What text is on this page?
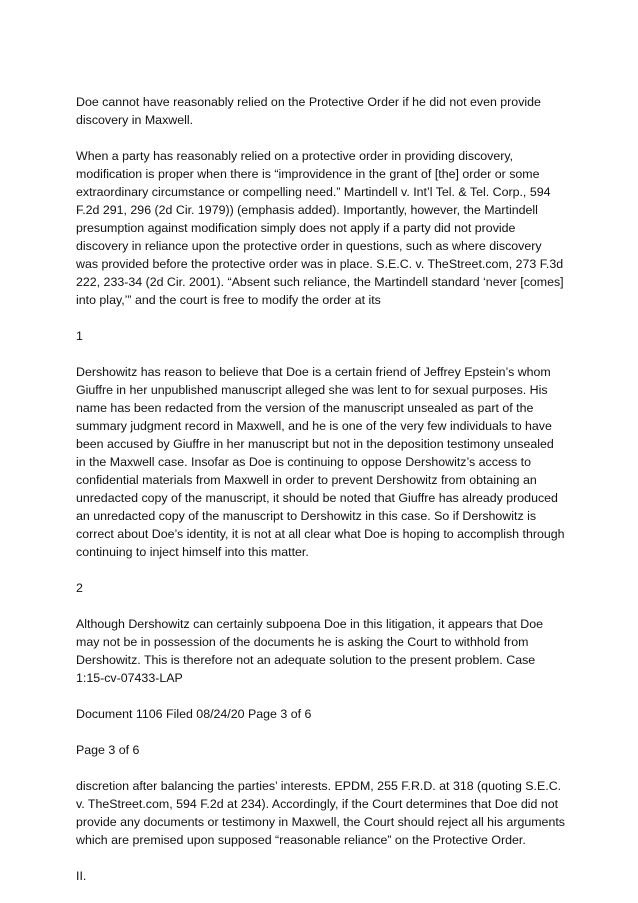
Doe cannot have reasonably relied on the Protective Order if he did not even provide discovery in Maxwell.

When a party has reasonably relied on a protective order in providing discovery, modification is proper when there is “improvidence in the grant of [the] order or some extraordinary circumstance or compelling need.” Martindell v. Int’l Tel. & Tel. Corp., 594 F.2d 291, 296 (2d Cir. 1979)) (emphasis added). Importantly, however, the Martindell presumption against modification simply does not apply if a party did not provide discovery in reliance upon the protective order in questions, such as where discovery was provided before the protective order was in place. S.E.C. v. TheStreet.com, 273 F.3d 222, 233-34 (2d Cir. 2001). “Absent such reliance, the Martindell standard ‘never [comes] into play,’” and the court is free to modify the order at its

1

Dershowitz has reason to believe that Doe is a certain friend of Jeffrey Epstein’s whom Giuffre in her unpublished manuscript alleged she was lent to for sexual purposes. His name has been redacted from the version of the manuscript unsealed as part of the summary judgment record in Maxwell, and he is one of the very few individuals to have been accused by Giuffre in her manuscript but not in the deposition testimony unsealed in the Maxwell case. Insofar as Doe is continuing to oppose Dershowitz’s access to confidential materials from Maxwell in order to prevent Dershowitz from obtaining an unredacted copy of the manuscript, it should be noted that Giuffre has already produced an unredacted copy of the manuscript to Dershowitz in this case. So if Dershowitz is correct about Doe’s identity, it is not at all clear what Doe is hoping to accomplish through continuing to inject himself into this matter.

2

Although Dershowitz can certainly subpoena Doe in this litigation, it appears that Doe may not be in possession of the documents he is asking the Court to withhold from Dershowitz. This is therefore not an adequate solution to the present problem. Case 1:15-cv-07433-LAP

Document 1106 Filed 08/24/20 Page 3 of 6

Page 3 of 6

discretion after balancing the parties’ interests. EPDM, 255 F.R.D. at 318 (quoting S.E.C. v. TheStreet.com, 594 F.2d at 234). Accordingly, if the Court determines that Doe did not provide any documents or testimony in Maxwell, the Court should reject all his arguments which are premised upon supposed “reasonable reliance” on the Protective Order.

II.
